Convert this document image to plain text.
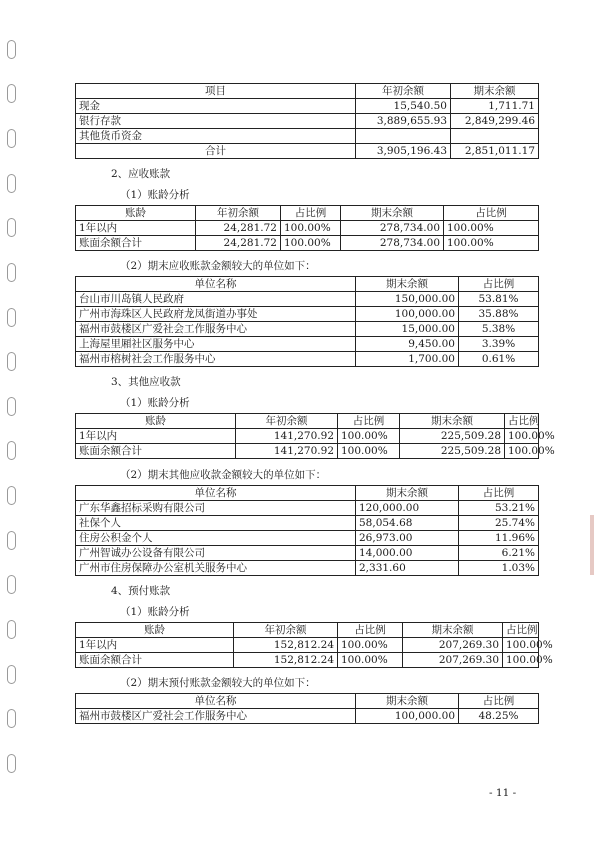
项目	年初余额	期末余额
现金	15,540.50	1,711.71
银行存款	3,889,655.93	2,849,299.46
其他货币资金		
合计	3,905,196.43	2,851,011.17
2、应收账款
（1）账龄分析
账龄	年初余额	占比例	期末余额	占比例
1年以内	24,281.72	100.00%	278,734.00	100.00%
账面余额合计	24,281.72	100.00%	278,734.00	100.00%
（2）期末应收账款金额较大的单位如下：
单位名称	期末余额	占比例
台山市川岛镇人民政府	150,000.00	53.81%
广州市海珠区人民政府龙凤街道办事处	100,000.00	35.88%
福州市鼓楼区广爱社会工作服务中心	15,000.00	5.38%
上海屋里厢社区服务中心	9,450.00	3.39%
福州市榕树社会工作服务中心	1,700.00	0.61%
3、其他应收款
（1）账龄分析
账龄	年初余额	占比例	期末余额	占比例
1年以内	141,270.92	100.00%	225,509.28	100.00%
账面余额合计	141,270.92	100.00%	225,509.28	100.00%
（2）期末其他应收款金额较大的单位如下：
单位名称	期末余额	占比例
广东华鑫招标采购有限公司	120,000.00	53.21%
社保个人	58,054.68	25.74%
住房公积金个人	26,973.00	11.96%
广州智诚办公设备有限公司	14,000.00	6.21%
广州市住房保障办公室机关服务中心	2,331.60	1.03%
4、预付账款
（1）账龄分析
账龄	年初余额	占比例	期末余额	占比例
1年以内	152,812.24	100.00%	207,269.30	100.00%
账面余额合计	152,812.24	100.00%	207,269.30	100.00%
（2）期末预付账款金额较大的单位如下：
单位名称	期末余额	占比例
福州市鼓楼区广爱社会工作服务中心	100,000.00	48.25%
- 11 -
